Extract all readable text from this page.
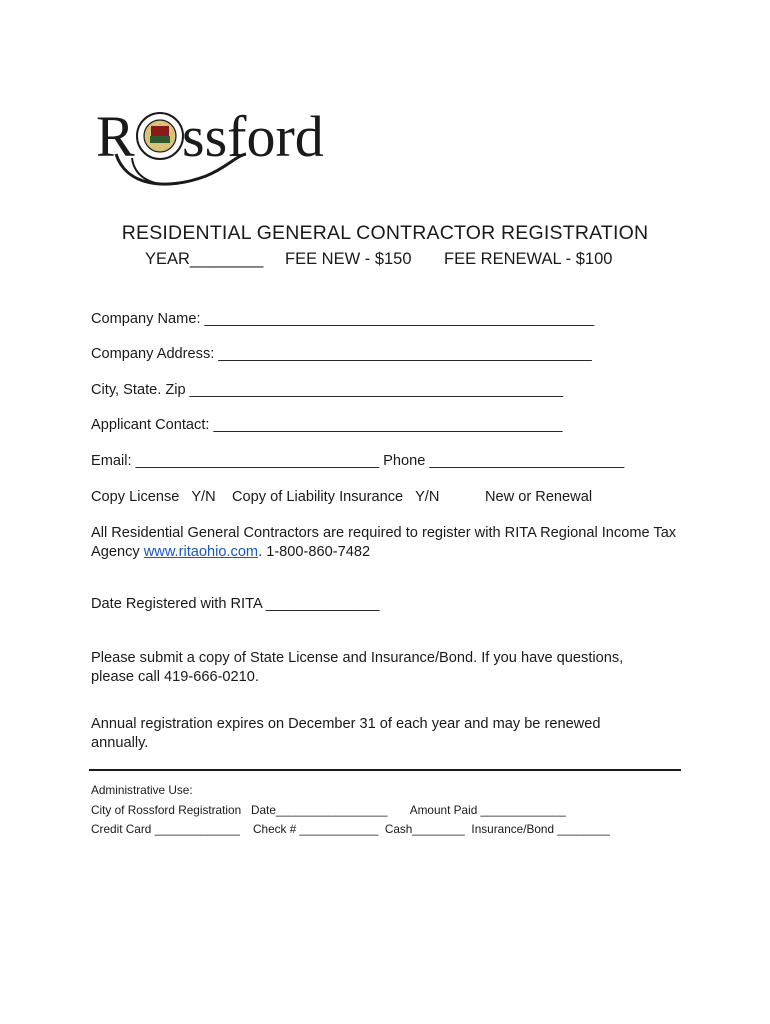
R ssford
RESIDENTIAL GENERAL CONTRACTOR REGISTRATION
YEAR________ FEE NEW - $150 FEE RENEWAL - $100
Company Name: ________________________________________________
Company Address: ______________________________________________
City, State. Zip ______________________________________________
Applicant Contact: ___________________________________________
Email: ______________________________ Phone ________________________
Copy License   Y/N Copy of Liability Insurance   Y/N	New or Renewal
All Residential General Contractors are required to register with RITA Regional Income Tax Agency www.ritaohio.com. 1-800-860-7482
Date Registered with RITA ______________
Please submit a copy of State License and Insurance/Bond. If you have questions, please call 419-666-0210.
Annual registration expires on December 31 of each year and may be renewed annually.
Administrative Use:
City of Rossford Registration   Date_________________       Amount Paid _____________
Credit Card _____________    Check # ____________  Cash________  Insurance/Bond ________
